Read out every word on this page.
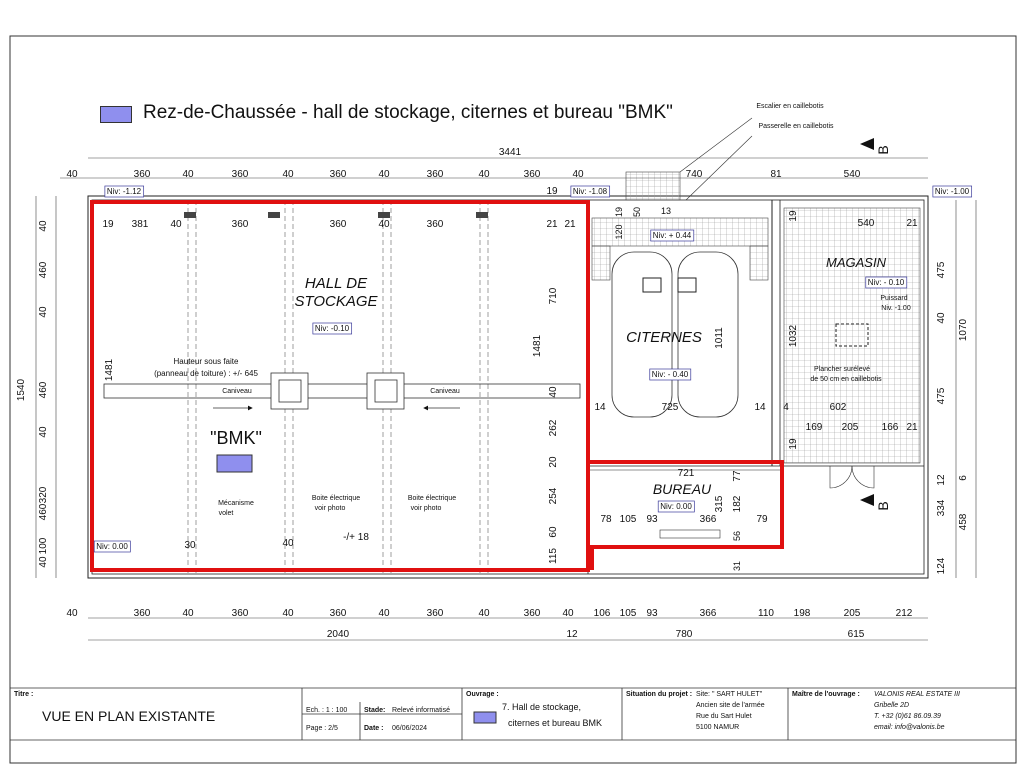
Rez-de-Chaussée - hall de stockage, citernes et bureau "BMK"
3441
40	360	40	360	40	360	40	360	40	360	40	740	81	540
40	360	40	360	40	360	40	360	40	360 40 106 105 93	366	110 198	205	212
2040	12	780	615
40
460
40
460
40
320
460
100
40
1540
475
40
475
12
334
124
1070
458
6
19 381 40	360	360	40	360	21 21
1481
1481
710
40
262
20
254
60
115
120
19 50 13
1011
14	725	14
19
540	21
1032
4	602
169 205 166 21
19
721	77
315 182
78 105 93	366	79
56
31
19
30	40
-/+ 18
Niv: -1.12	Niv: -1.08
Niv: -0.10
Niv: + 0.44
Niv: - 0.40
Niv: - 0.10
Niv: -1.00
Niv: 0.00
Niv: 0.00
HALL DE
STOCKAGE
"BMK"
CITERNES
MAGASIN
BUREAU
Hauteur sous faite
(panneau de toiture) : +/- 645
Caniveau	Caniveau
Mécanisme
volet
Boite électrique
voir photo
Boite électrique
voir photo
Puissard
Niv. -1.00
Plancher surélevé
de 50 cm en caillebotis
Escalier en caillebotis
Passerelle en caillebotis
B
B
Titre :
VUE EN PLAN EXISTANTE	Ech. : 1 : 100
Page : 2/5
Stade: Relevé informatisé
Date : 06/06/2024
Ouvrage :
7. Hall de stockage,
citernes et bureau BMK
Situation du projet : Site: " SART HULET"
Ancien site de l'armée
Rue du Sart Hulet
5100 NAMUR
Maître de l'ouvrage : VALONIS REAL ESTATE III
Gribelle 2D
T. +32 (0)61 86.09.39
email: info@valonis.be
